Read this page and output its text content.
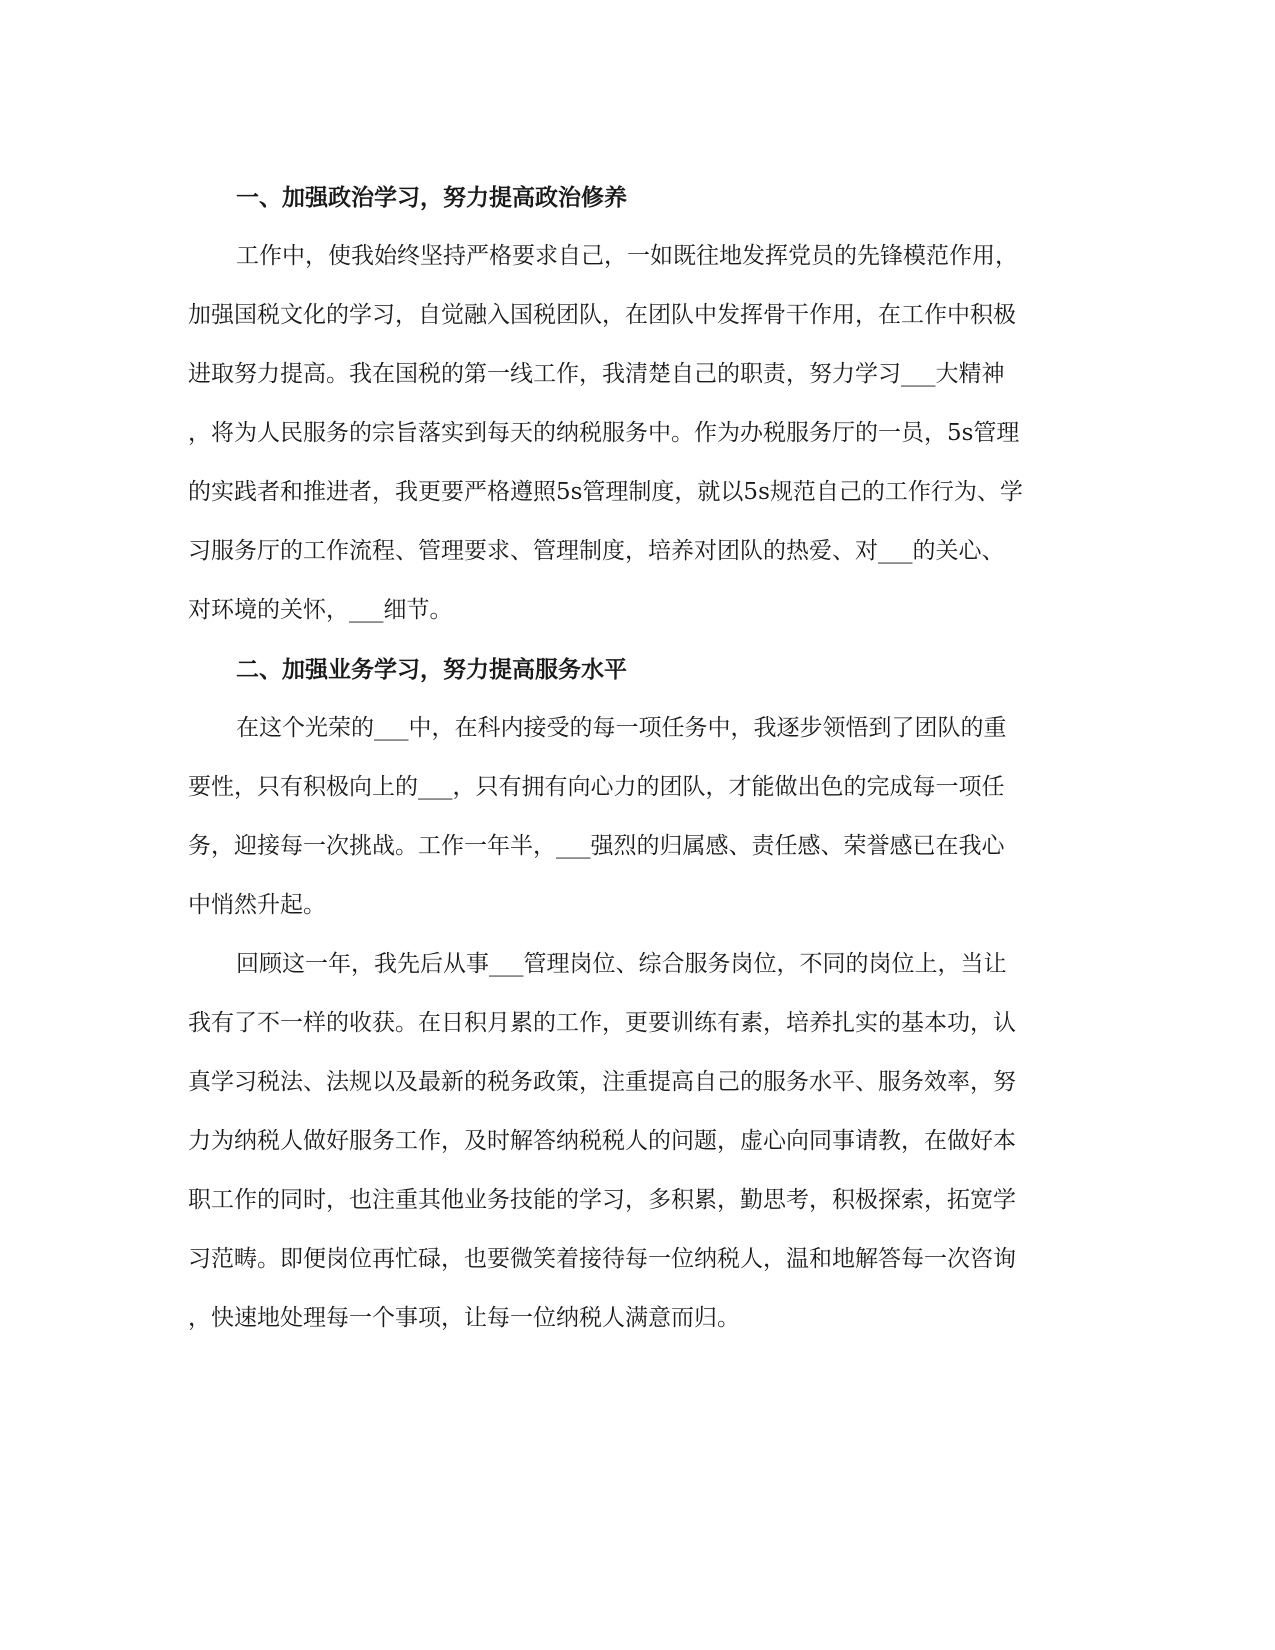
一、加强政治学习，努力提高政治修养
工作中，使我始终坚持严格要求自己，一如既往地发挥党员的先锋模范作用，
加强国税文化的学习，自觉融入国税团队，在团队中发挥骨干作用，在工作中积极
进取努力提高。我在国税的第一线工作，我清楚自己的职责，努力学习___大精神
，将为人民服务的宗旨落实到每天的纳税服务中。作为办税服务厅的一员，5s管理
的实践者和推进者，我更要严格遵照5s管理制度，就以5s规范自己的工作行为、学
习服务厅的工作流程、管理要求、管理制度，培养对团队的热爱、对___的关心、
对环境的关怀，___细节。
二、加强业务学习，努力提高服务水平
在这个光荣的___中，在科内接受的每一项任务中，我逐步领悟到了团队的重
要性，只有积极向上的___，只有拥有向心力的团队，才能做出色的完成每一项任
务，迎接每一次挑战。工作一年半，___强烈的归属感、责任感、荣誉感已在我心
中悄然升起。
回顾这一年，我先后从事___管理岗位、综合服务岗位，不同的岗位上，当让
我有了不一样的收获。在日积月累的工作，更要训练有素，培养扎实的基本功，认
真学习税法、法规以及最新的税务政策，注重提高自己的服务水平、服务效率，努
力为纳税人做好服务工作，及时解答纳税税人的问题，虚心向同事请教，在做好本
职工作的同时，也注重其他业务技能的学习，多积累，勤思考，积极探索，拓宽学
习范畴。即便岗位再忙碌，也要微笑着接待每一位纳税人，温和地解答每一次咨询
，快速地处理每一个事项，让每一位纳税人满意而归。
